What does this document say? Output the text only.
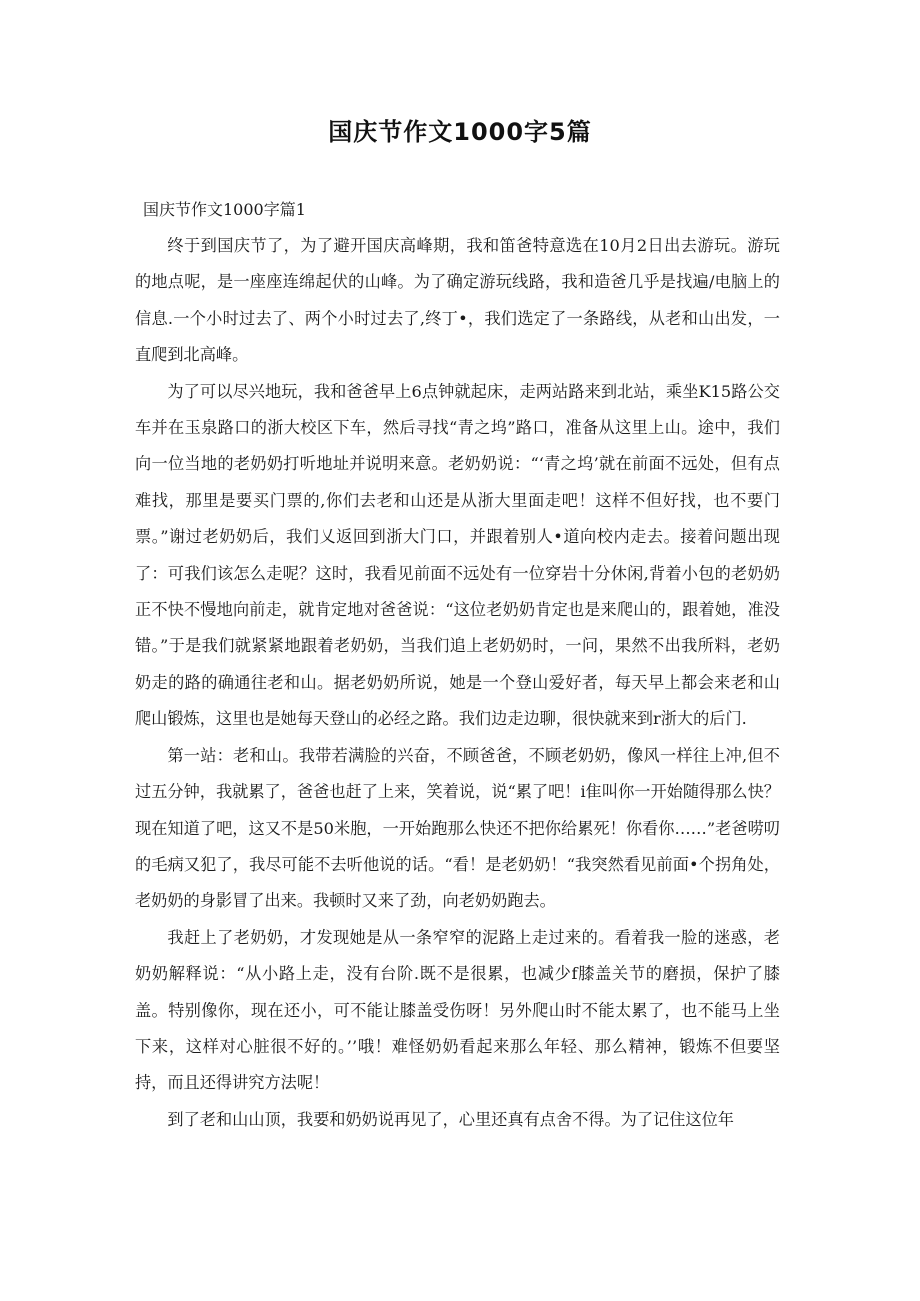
国庆节作文1000字5篇

国庆节作文1000字篇1

终于到国庆节了，为了避开国庆高峰期，我和笛爸特意选在10月2日出去游玩。游玩的地点呢，是一座座连绵起伏的山峰。为了确定游玩线路，我和造爸几乎是找遍/电脑上的信息.一个小时过去了、两个小时过去了,终丁•，我们选定了一条路线，从老和山出发，一直爬到北高峰。

为了可以尽兴地玩，我和爸爸早上6点钟就起床，走两站路来到北站，乘坐K15路公交车并在玉泉路口的浙大校区下车，然后寻找“青之坞”路口，准备从这里上山。途中，我们向一位当地的老奶奶打听地址并说明来意。老奶奶说：“‘青之坞’就在前面不远处，但有点难找，那里是要买门票的,你们去老和山还是从浙大里面走吧！这样不但好找，也不要门票。”谢过老奶奶后，我们乂返回到浙大门口，并跟着别人•道向校内走去。接着问题出现了：可我们该怎么走呢？这时，我看见前面不远处有一位穿岩十分休闲,背着小包的老奶奶正不快不慢地向前走，就肯定地对爸爸说：“这位老奶奶肯定也是来爬山的，跟着她，准没错。”于是我们就紧紧地跟着老奶奶，当我们追上老奶奶时，一问，果然不出我所料，老奶奶走的路的确通往老和山。据老奶奶所说，她是一个登山爱好者，每天早上都会来老和山爬山锻炼，这里也是她每天登山的必经之路。我们边走边聊，很快就来到r浙大的后门.

第一站：老和山。我带若满脸的兴奋，不顾爸爸，不顾老奶奶，像风一样往上冲,但不过五分钟，我就累了，爸爸也赶了上来，笑着说，说“累了吧！i隹叫你一开始随得那么快？现在知道了吧，这又不是50米胞，一开始跑那么快还不把你给累死！你看你……”老爸唠叨的毛病又犯了，我尽可能不去听他说的话。“看！是老奶奶！“我突然看见前面•个拐角处，老奶奶的身影冒了出来。我顿时又来了劲，向老奶奶跑去。

我赶上了老奶奶，才发现她是从一条窄窄的泥路上走过来的。看着我一脸的迷惑，老奶奶解释说：“从小路上走，没有台阶.既不是很累，也减少f膝盖关节的磨损，保护了膝盖。特别像你，现在还小，可不能让膝盖受伤呀！另外爬山时不能太累了，也不能马上坐下来，这样对心脏很不好的。’’哦！难怪奶奶看起来那么年轻、那么精神，锻炼不但要坚持，而且还得讲究方法呢！

到了老和山山顶，我要和奶奶说再见了，心里还真有点舍不得。为了记住这位年
